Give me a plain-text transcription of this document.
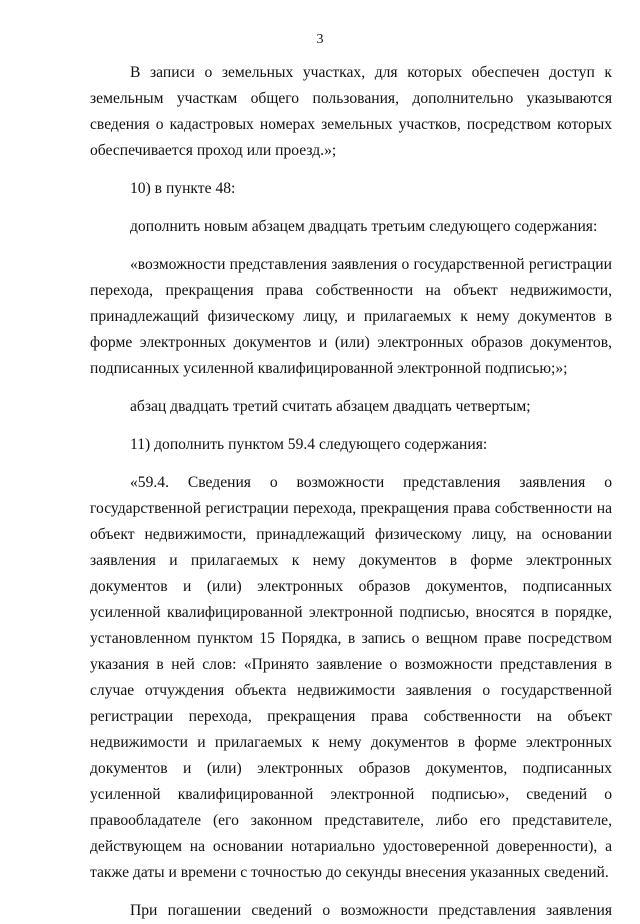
3

В записи о земельных участках, для которых обеспечен доступ к земельным участкам общего пользования, дополнительно указываются сведения о кадастровых номерах земельных участков, посредством которых обеспечивается проход или проезд.»;

10) в пункте 48:

дополнить новым абзацем двадцать третьим следующего содержания:

«возможности представления заявления о государственной регистрации перехода, прекращения права собственности на объект недвижимости, принадлежащий физическому лицу, и прилагаемых к нему документов в форме электронных документов и (или) электронных образов документов, подписанных усиленной квалифицированной электронной подписью;»;

абзац двадцать третий считать абзацем двадцать четвертым;

11) дополнить пунктом 59.4 следующего содержания:

«59.4. Сведения о возможности представления заявления о государственной регистрации перехода, прекращения права собственности на объект недвижимости, принадлежащий физическому лицу, на основании заявления и прилагаемых к нему документов в форме электронных документов и (или) электронных образов документов, подписанных усиленной квалифицированной электронной подписью, вносятся в порядке, установленном пунктом 15 Порядка, в запись о вещном праве посредством указания в ней слов: «Принято заявление о возможности представления в случае отчуждения объекта недвижимости заявления о государственной регистрации перехода, прекращения права собственности на объект недвижимости и прилагаемых к нему документов в форме электронных документов и (или) электронных образов документов, подписанных усиленной квалифицированной электронной подписью», сведений о правообладателе (его законном представителе, либо его представителе, действующем на основании нотариально удостоверенной доверенности), а также даты и времени с точностью до секунды внесения указанных сведений.

При погашении сведений о возможности представления заявления
